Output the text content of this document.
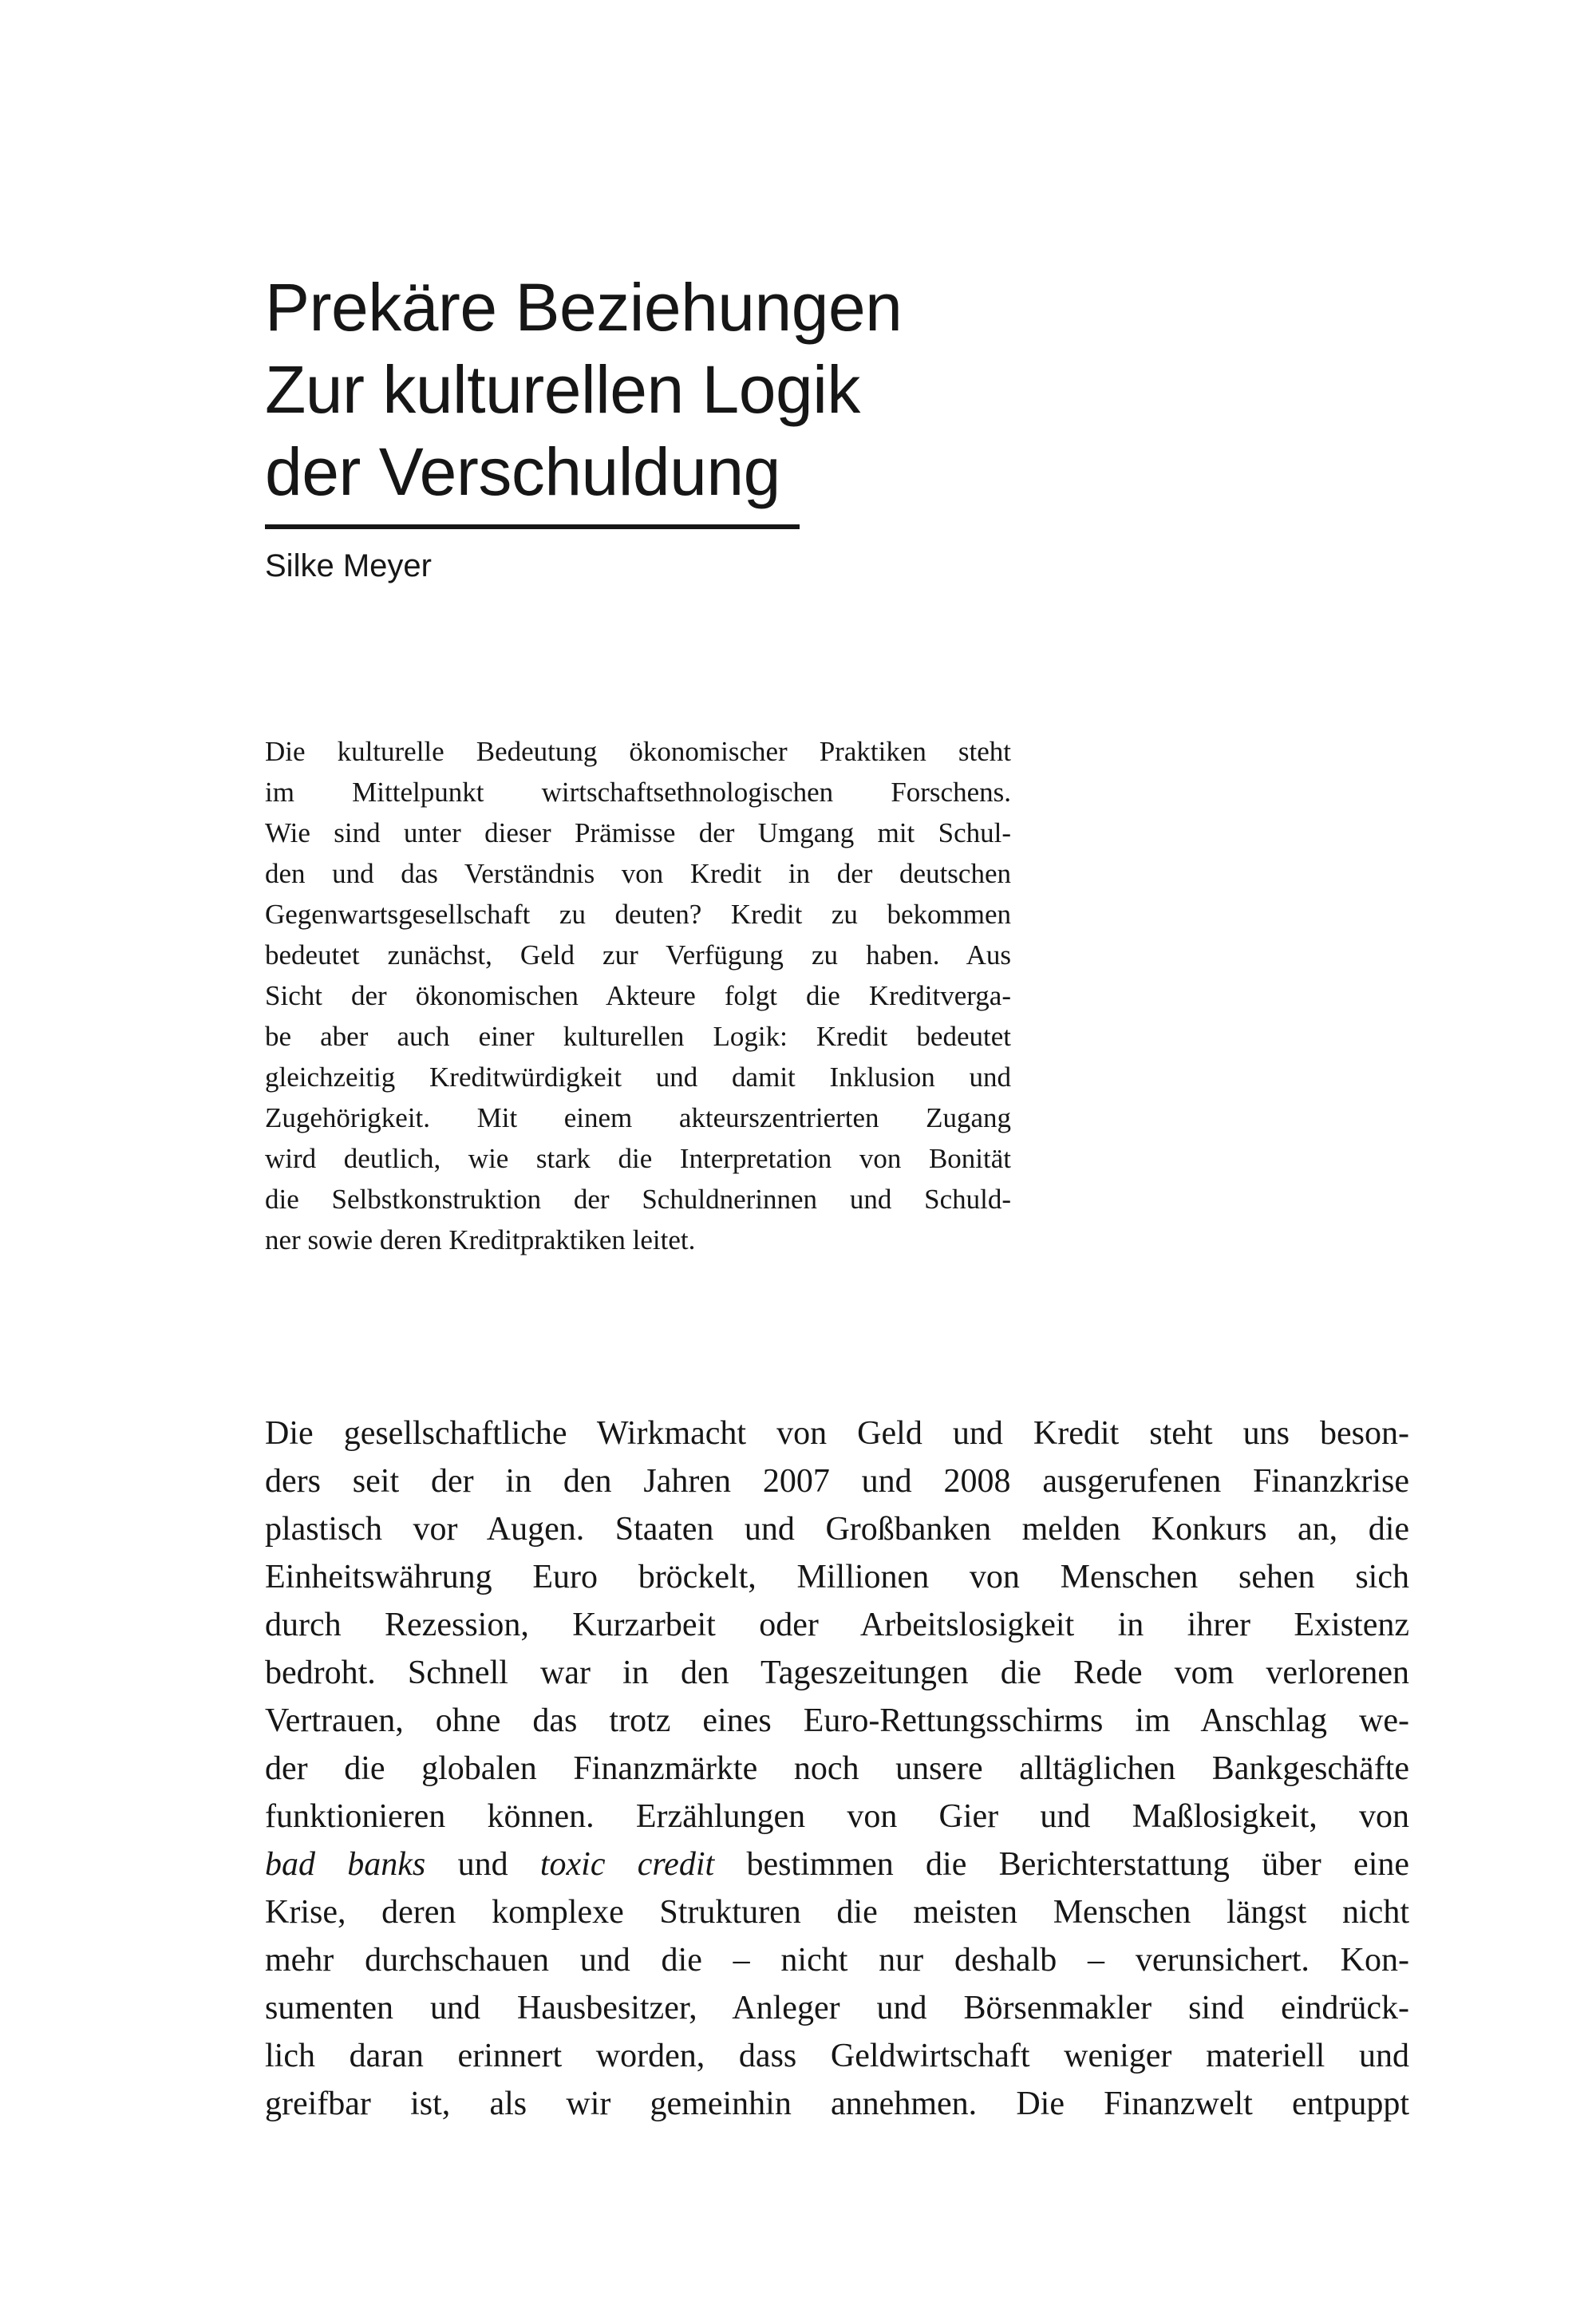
Prekäre Beziehungen
Zur kulturellen Logik
der Verschuldung
Silke Meyer
Die kulturelle Bedeutung ökonomischer Praktiken steht
im Mittelpunkt wirtschaftsethnologischen Forschens.
Wie sind unter dieser Prämisse der Umgang mit Schul-
den und das Verständnis von Kredit in der deutschen
Gegenwartsgesellschaft zu deuten? Kredit zu bekommen
bedeutet zunächst, Geld zur Verfügung zu haben. Aus
Sicht der ökonomischen Akteure folgt die Kreditverga-
be aber auch einer kulturellen Logik: Kredit bedeutet
gleichzeitig Kreditwürdigkeit und damit Inklusion und
Zugehörigkeit. Mit einem akteurszentrierten Zugang
wird deutlich, wie stark die Interpretation von Bonität
die Selbstkonstruktion der Schuldnerinnen und Schuld-
ner sowie deren Kreditpraktiken leitet.
Die gesellschaftliche Wirkmacht von Geld und Kredit steht uns beson-
ders seit der in den Jahren 2007 und 2008 ausgerufenen Finanzkrise
plastisch vor Augen. Staaten und Großbanken melden Konkurs an, die
Einheitswährung Euro bröckelt, Millionen von Menschen sehen sich
durch Rezession, Kurzarbeit oder Arbeitslosigkeit in ihrer Existenz
bedroht. Schnell war in den Tageszeitungen die Rede vom verlorenen
Vertrauen, ohne das trotz eines Euro-Rettungsschirms im Anschlag we-
der die globalen Finanzmärkte noch unsere alltäglichen Bankgeschäfte
funktionieren können. Erzählungen von Gier und Maßlosigkeit, von
bad banks und toxic credit bestimmen die Berichterstattung über eine
Krise, deren komplexe Strukturen die meisten Menschen längst nicht
mehr durchschauen und die – nicht nur deshalb – verunsichert. Kon-
sumenten und Hausbesitzer, Anleger und Börsenmakler sind eindrück-
lich daran erinnert worden, dass Geldwirtschaft weniger materiell und
greifbar ist, als wir gemeinhin annehmen. Die Finanzwelt entpuppt
